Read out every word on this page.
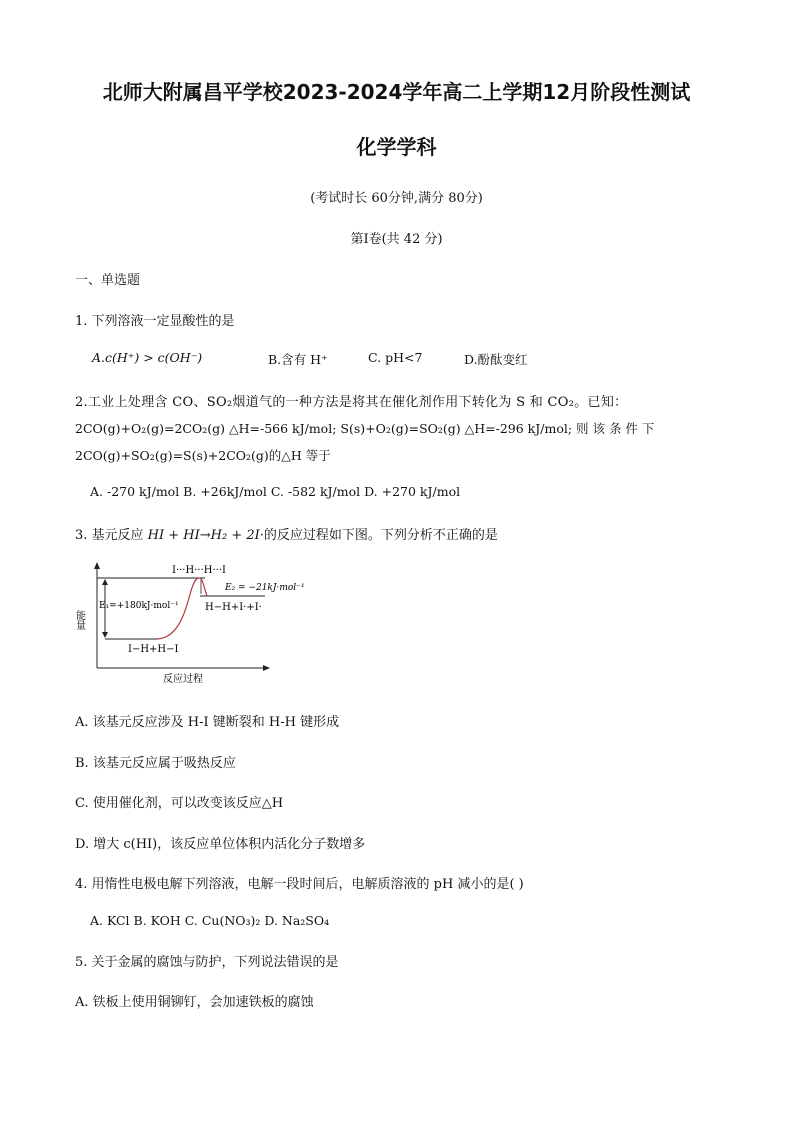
北师大附属昌平学校2023-2024学年高二上学期12月阶段性测试
化学学科
(考试时长 60分钟,满分 80分)
第Ⅰ卷(共 42 分)
一、单选题
1. 下列溶液一定显酸性的是
A.c(H⁺) > c(OH⁻)	B.含有 H⁺	C. pH<7	D.酚酞变红
2.工业上处理含 CO、SO₂烟道气的一种方法是将其在催化剂作用下转化为 S 和 CO₂。已知：
2CO(g)+O₂(g)=2CO₂(g) △H=-566 kJ/mol; S(s)+O₂(g)=SO₂(g) △H=-296 kJ/mol; 则 该 条 件 下
2CO(g)+SO₂(g)=S(s)+2CO₂(g)的△H 等于
A. -270 kJ/mol B. +26kJ/mol C. -582 kJ/mol D. +270 kJ/mol
3. 基元反应 HI + HI→H₂ + 2I·的反应过程如下图。下列分析不正确的是
I···H···H···I
E₂ = −21kJ·mol⁻¹
E₁=+180kJ·mol⁻¹	H−H+I·+I·
I−H+H−I
能量
反应过程
A. 该基元反应涉及 H-I 键断裂和 H-H 键形成
B. 该基元反应属于吸热反应
C. 使用催化剂，可以改变该反应△H
D. 增大 c(HI)，该反应单位体积内活化分子数增多
4. 用惰性电极电解下列溶液，电解一段时间后，电解质溶液的 pH 减小的是( )
A. KCl B. KOH C. Cu(NO₃)₂ D. Na₂SO₄
5. 关于金属的腐蚀与防护，下列说法错误的是
A. 铁板上使用铜铆钉，会加速铁板的腐蚀
